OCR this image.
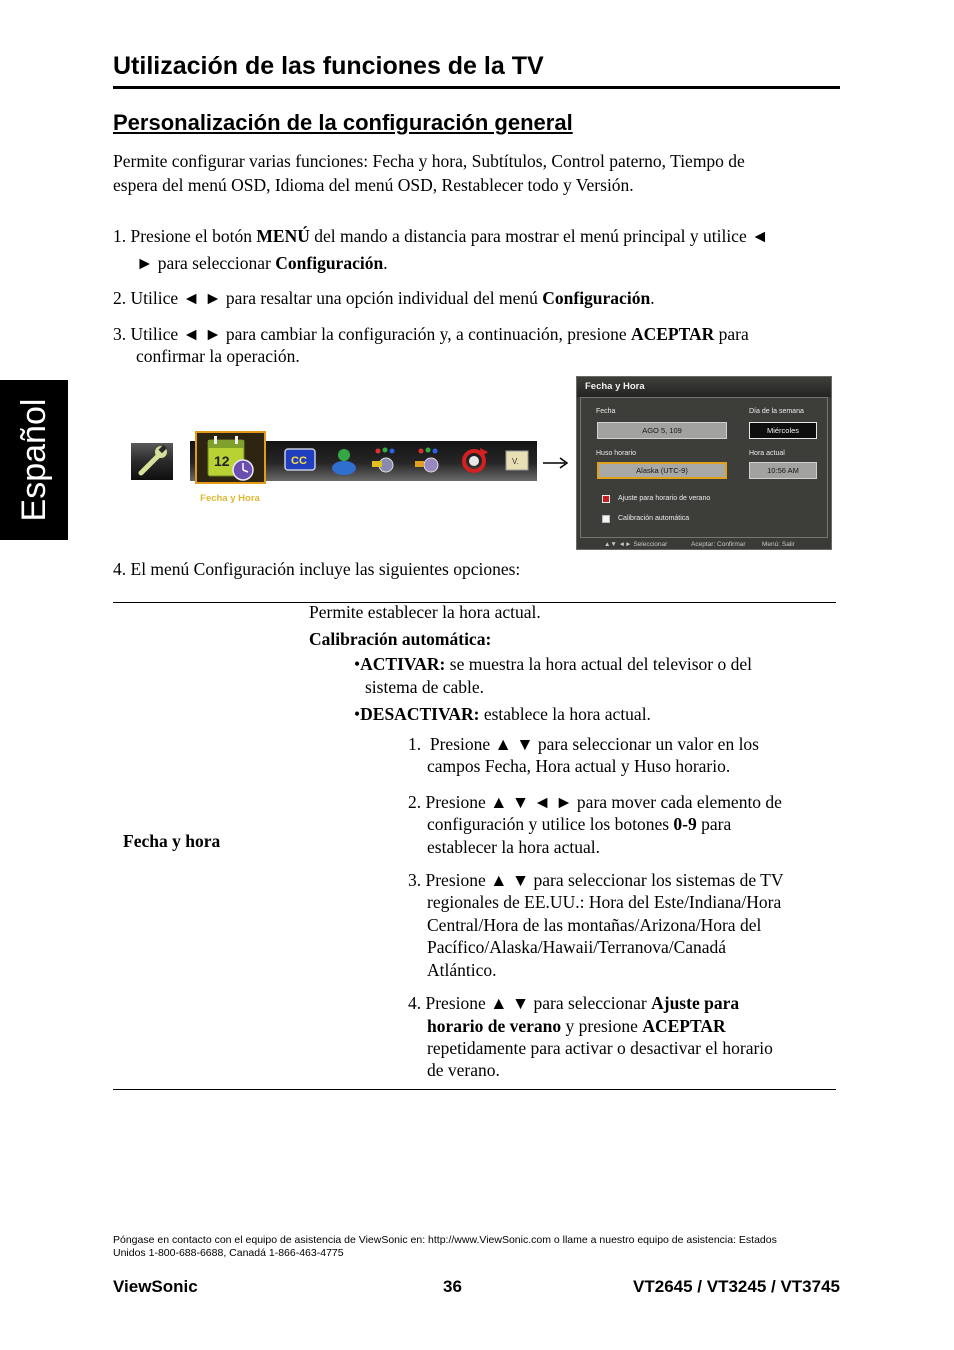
Español
Utilización de las funciones de la TV
Personalización de la configuración general
Permite configurar varias funciones: Fecha y hora, Subtítulos, Control paterno, Tiempo de
espera del menú OSD, Idioma del menú OSD, Restablecer todo y Versión.
1. Presione el botón MENÚ del mando a distancia para mostrar el menú principal y utilice ◄
► para seleccionar Configuración.
2. Utilice ◄ ► para resaltar una opción individual del menú Configuración.
3. Utilice ◄ ► para cambiar la configuración y, a continuación, presione ACEPTAR para
confirmar la operación.
12
Fecha y Hora
CC	V.
Fecha y Hora
Fecha
AGO 5, 109
Día de la semana
Miércoles
Huso horario
Alaska (UTC-9)
Hora actual
10:56 AM
Ajuste para horario de verano
Calibración automática
▲▼ ◄► Seleccionar	Aceptar: Confirmar	Menú: Salir
4. El menú Configuración incluye las siguientes opciones:
Fecha y hora
Permite establecer la hora actual.
Calibración automática:
•ACTIVAR: se muestra la hora actual del televisor o del
sistema de cable.
•DESACTIVAR: establece la hora actual.
1.  Presione ▲ ▼ para seleccionar un valor en los
campos Fecha, Hora actual y Huso horario.
2. Presione ▲ ▼ ◄ ► para mover cada elemento de
configuración y utilice los botones 0-9 para
establecer la hora actual.
3. Presione ▲ ▼ para seleccionar los sistemas de TV
regionales de EE.UU.: Hora del Este/Indiana/Hora
Central/Hora de las montañas/Arizona/Hora del
Pacífico/Alaska/Hawaii/Terranova/Canadá
Atlántico.
4. Presione ▲ ▼ para seleccionar Ajuste para
horario de verano y presione ACEPTAR
repetidamente para activar o desactivar el horario
de verano.
Póngase en contacto con el equipo de asistencia de ViewSonic en: http://www.ViewSonic.com o llame a nuestro equipo de asistencia: Estados
Unidos 1-800-688-6688, Canadá 1-866-463-4775
ViewSonic	36	VT2645 / VT3245 / VT3745
